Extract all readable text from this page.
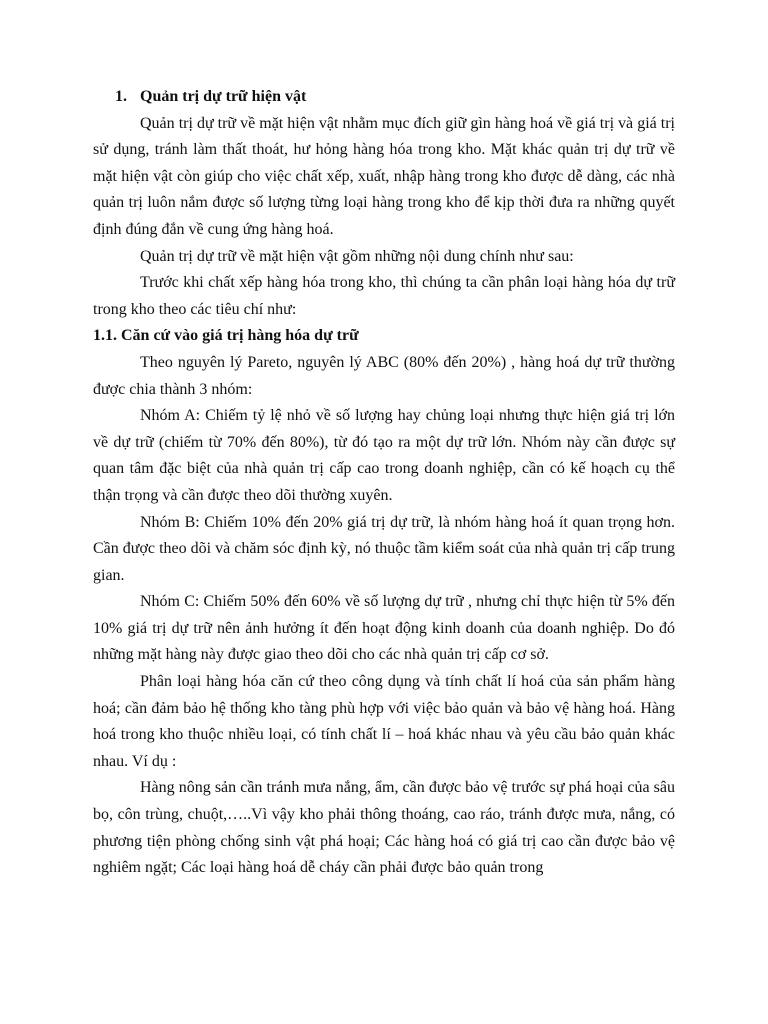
1. Quản trị dự trữ hiện vật

Quản trị dự trữ về mặt hiện vật nhằm mục đích giữ gìn hàng hoá về giá trị và giá trị sử dụng, tránh làm thất thoát, hư hỏng hàng hóa trong kho. Mặt khác quản trị dự trữ về mặt hiện vật còn giúp cho việc chất xếp, xuất, nhập hàng trong kho được dễ dàng, các nhà quản trị luôn nắm được số lượng từng loại hàng trong kho để kịp thời đưa ra những quyết định đúng đắn về cung ứng hàng hoá.

Quản trị dự trữ về mặt hiện vật gồm những nội dung chính như sau:

Trước khi chất xếp hàng hóa trong kho, thì chúng ta cần phân loại hàng hóa dự trữ trong kho theo các tiêu chí như:

1.1. Căn cứ vào giá trị hàng hóa dự trữ

Theo nguyên lý Pareto, nguyên lý ABC (80% đến 20%) , hàng hoá dự trữ thường được chia thành 3 nhóm:

Nhóm A: Chiếm tỷ lệ nhỏ về số lượng hay chủng loại nhưng thực hiện giá trị lớn về dự trữ (chiếm từ 70% đến 80%), từ đó tạo ra một dự trữ lớn. Nhóm này cần được sự quan tâm đặc biệt của nhà quản trị cấp cao trong doanh nghiệp, cần có kế hoạch cụ thể thận trọng và cần được theo dõi thường xuyên.

Nhóm B: Chiếm 10% đến 20% giá trị dự trữ, là nhóm hàng hoá ít quan trọng hơn. Cần được theo dõi và chăm sóc định kỳ, nó thuộc tầm kiểm soát của nhà quản trị cấp trung gian.

Nhóm C: Chiếm 50% đến 60% về số lượng dự trữ , nhưng chỉ thực hiện từ 5% đến 10% giá trị dự trữ nên ảnh hưởng ít đến hoạt động kinh doanh của doanh nghiệp. Do đó những mặt hàng này được giao theo dõi cho các nhà quản trị cấp cơ sở.

Phân loại hàng hóa căn cứ theo công dụng và tính chất lí hoá của sản phẩm hàng hoá; cần đảm bảo hệ thống kho tàng phù hợp với việc bảo quản và bảo vệ hàng hoá. Hàng hoá trong kho thuộc nhiều loại, có tính chất lí – hoá khác nhau và yêu cầu bảo quản khác nhau. Ví dụ :

Hàng nông sản cần tránh mưa nắng, ẩm, cần được bảo vệ trước sự phá hoại của sâu bọ, côn trùng, chuột,…..Vì vậy kho phải thông thoáng, cao ráo, tránh được mưa, nắng, có phương tiện phòng chống sinh vật phá hoại; Các hàng hoá có giá trị cao cần được bảo vệ nghiêm ngặt; Các loại hàng hoá dễ cháy cần phải được bảo quản trong
